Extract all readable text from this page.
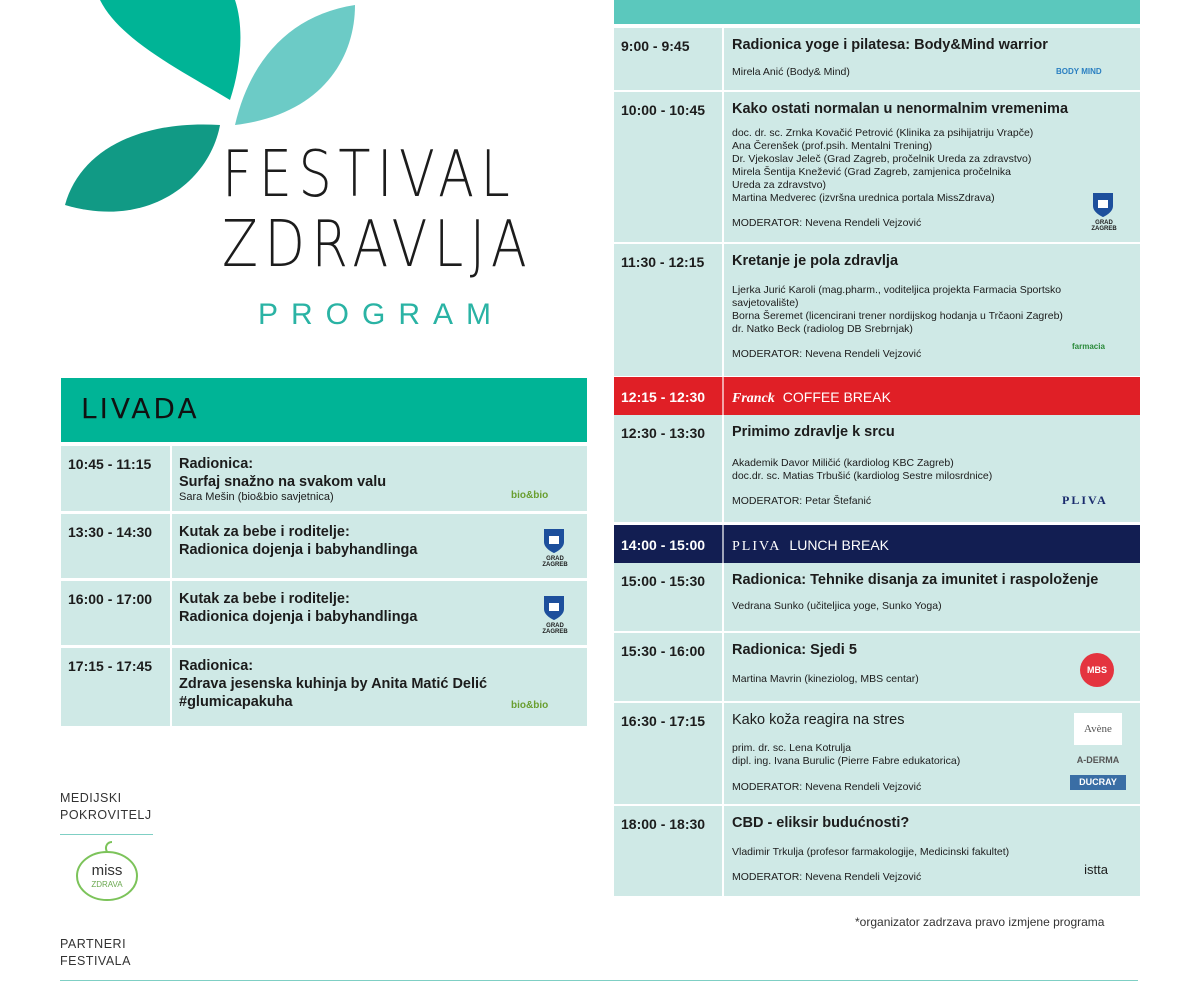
FESTIVAL
ZDRAVLJA
PROGRAM
LIVADA
10:45 - 11:15 Radionica:
Surfaj snažno na svakom valu
Sara Mešin (bio&bio savjetnica)	bio&bio
13:30 - 14:30 Kutak za bebe i roditelje:
Radionica dojenja i babyhandlinga
GRAD ZAGREB
16:00 - 17:00 Kutak za bebe i roditelje:
Radionica dojenja i babyhandlinga
GRAD ZAGREB
17:15 - 17:45 Radionica:
Zdrava jesenska kuhinja by Anita Matić Delić
#glumicapakuha	bio&bio
9:00 - 9:45	Radionica yoge i pilatesa: Body&Mind warrior
Mirela Anić (Body& Mind)	BODY MIND
10:00 - 10:45 Kako ostati normalan u nenormalnim vremenima
doc. dr. sc. Zrnka Kovačić Petrović (Klinika za psihijatriju Vrapče)
Ana Čerenšek (prof.psih. Mentalni Trening)
Dr. Vjekoslav Jeleč (Grad Zagreb, pročelnik Ureda za zdravstvo)
Mirela Šentija Knežević (Grad Zagreb, zamjenica pročelnika
Ureda za zdravstvo)
Martina Medverec (izvršna urednica portala MissZdrava)
MODERATOR: Nevena Rendeli Vejzović	GRAD ZAGREB
11:30 - 12:15 Kretanje je pola zdravlja
Ljerka Jurić Karoli (mag.pharm., voditeljica projekta Farmacia Sportsko
savjetovalište)
Borna Šeremet (licencirani trener nordijskog hodanja u Trčaoni Zagreb)
dr. Natko Beck (radiolog DB Srebrnjak)
MODERATOR: Nevena Rendeli Vejzović
farmacia
12:15 - 12:30 Franck COFFEE BREAK
12:30 - 13:30 Primimo zdravlje k srcu
Akademik Davor Miličić (kardiolog KBC Zagreb)
doc.dr. sc. Matias Trbušić (kardiolog Sestre milosrdnice)
MODERATOR: Petar Štefanić	PLIVA
14:00 - 15:00 PLIVA LUNCH BREAK
15:00 - 15:30 Radionica: Tehnike disanja za imunitet i raspoloženje
Vedrana Sunko (učiteljica yoge, Sunko Yoga)
15:30 - 16:00 Radionica: Sjedi 5
Martina Mavrin (kineziolog, MBS centar)
MBS
16:30 - 17:15 Kako koža reagira na stres
prim. dr. sc. Lena Kotrulja
dipl. ing. Ivana Burulic (Pierre Fabre edukatorica)
MODERATOR: Nevena Rendeli Vejzović
Avène
A-DERMA
DUCRAY
18:00 - 18:30 CBD - eliksir budućnosti?
Vladimir Trkulja (profesor farmakologije, Medicinski fakultet)
MODERATOR: Nevena Rendeli Vejzović	istta
*organizator zadrzava pravo izmjene programa
MEDIJSKI
POKROVITELJ
miss
ZDRAVA
PARTNERI
FESTIVALA
